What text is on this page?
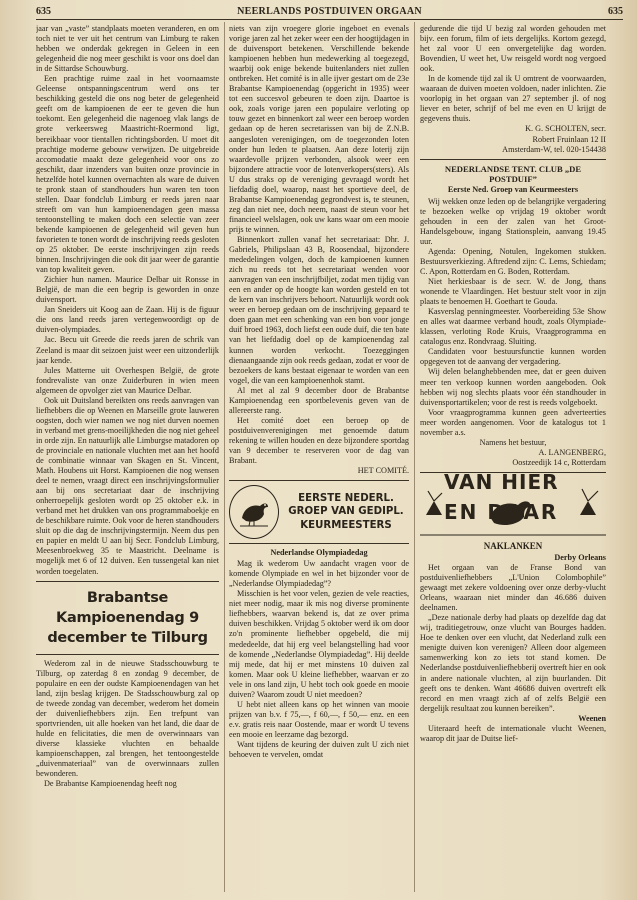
635	NEERLANDS POSTDUIVEN ORGAAN	635

jaar van „vaste” standplaats moeten veranderen, en om toch niet te ver uit het centrum van Limburg te raken hebben we onderdak gekregen in Geleen in een gelegenheid die nog meer geschikt is voor ons doel dan in de Sittardse Schouwburg.

Een prachtige ruime zaal in het voornaamste Geleense ontspanningscentrum werd ons ter beschikking gesteld die ons nog beter de gelegenheid geeft om de kampioenen de eer te geven die hun toekomt. Een gelegenheid die nagenoeg vlak langs de grote verkeersweg Maastricht-Roermond ligt, bereikbaar voor tientallen richtingsborden. U moet dit prachtige moderne gebouw verwijzen. De uitgebreide accomodatie maakt deze gelegenheid voor ons zo geschikt, daar inzenders van buiten onze provincie in hetzelfde hotel kunnen overnachten als ware de duiven te pronk staan of standhouders hun waren ten toon stellen. Daar fondclub Limburg er reeds jaren naar streeft om van hun kampioenendagen geen massa tentoonstelling te maken doch een selectie van zeer bekende kampioenen de gelegenheid wil geven hun favorieten te tonen wordt de inschrijving reeds gesloten op 25 oktober. De eerste inschrijvingen zijn reeds binnen. Inschrijvingen die ook dit jaar weer de garantie van top kwaliteit geven.

Zichier hun namen. Maurice Delbar uit Ronsse in België, de man die een begrip is geworden in onze duivensport.

Jan Sneiders uit Koog aan de Zaan. Hij is de figuur die ons land reeds jaren vertegenwoordigt op de duiven-olympiades.

Jac. Becu uit Greede die reeds jaren de schrik van Zeeland is maar dit seizoen juist weer een uitzonderlijk jaar kende.

Jules Matterne uit Overhespen België, de grote fondrevaliste van onze Zuiderburen in wien meen algemeen de opvolger ziet van Maurice Delbar.

Ook uit Duitsland bereikten ons reeds aanvragen van liefhebbers die op Weenen en Marseille grote lauweren oogsten, doch wier namen we nog niet durven noemen in verband met grens-moeilijkheden die nog niet geheel in orde zijn. En natuurlijk alle Limburgse matadoren op de provinciale en nationale vluchten met aan het hoofd de combinatie winnaar van Skagen en St. Vincent, Math. Houbens uit Horst. Kampioenen die nog wensen deel te nemen, vraagt direct een inschrijvingsformulier aan bij ons secretariaat daar de inschrijving onherroepelijk gesloten wordt op 25 oktober e.k. in verband met het drukken van ons programmaboekje en de beschikbare ruimte. Ook voor de heren standhouders sluit op die dag de inschrijvingstermijn. Neem dus pen en papier en meldt U aan bij Secr. Fondclub Limburg, Meesenbroekweg 35 te Maastricht. Deelname is mogelijk met 6 of 12 duiven. Een tussengetal kan niet worden toegelaten.

Brabantse Kampioenendag 9 december te Tilburg

Wederom zal in de nieuwe Stadsschouwburg te Tilburg, op zaterdag 8 en zondag 9 december, de populaire en een der oudste Kampioenendagen van het land, zijn beslag krijgen. De Stadsschouwburg zal op de tweede zondag van december, wederom het domein der duivenliefhebbers zijn. Een trefpunt van sportvrienden, uit alle hoeken van het land, die daar de hulde en felicitaties, die men de overwinnaars van diverse klassieke vluchten en behaalde kampioenschappen, zal brengen, het tentoongestelde „duivenmateriaal” van de overwinnaars zullen bewonderen.

De Brabantse Kampioenendag heeft nog

niets van zijn vroegere glorie ingeboet en evenals vorige jaren zal het zeker weer een der hoogtijdagen in de duivensport betekenen. Verschillende bekende kampioenen hebben hun medewerking al toegezegd, waarbij ook enige bekende buitenlanders niet zullen ontbreken. Het comité is in alle ijver gestart om de 23e Brabantse Kampioenendag (opgericht in 1935) weer tot een succesvol gebeuren te doen zijn. Daartoe is ook, zoals vorige jaren een populaire verloting op touw gezet en binnenkort zal weer een beroep worden gedaan op de heren secretarissen van bij de Z.N.B. aangesloten verenigingen, om de toegezonden loten onder hun leden te plaatsen. Aan deze loterij zijn waardevolle prijzen verbonden, alsook weer een bijzondere attractie voor de lotenverkopers(sters). Als U dus straks op de vereniging gevraagd wordt het liefdadig doel, waarop, naast het sportieve deel, de Brabantse Kampioenendag gegrondvest is, te steunen, zeg dan niet nee, doch neem, naast de steun voor het financieel welslagen, ook uw kans waar om een mooie prijs te winnen.

Binnenkort zullen vanaf het secretariaat: Dhr. J. Gabriels, Philipslaan 43 B, Roosendaal, bijzondere mededelingen volgen, doch de kampioenen kunnen zich nu reeds tot het secretariaat wenden voor aanvragen van een inschrijfbiljet, zodat men tijdig van een en ander op de hoogte kan worden gesteld en tot de kern van inschrijvers behoort. Natuurlijk wordt ook weer en beroep gedaan om de inschrijving gepaard te doen gaan met een schenking van een bon voor jonge duif broed 1963, doch liefst een oude duif, die ten bate van het liefdadig doel op de kampioenendag zal kunnen worden verkocht. Toezeggingen dienaangaande zijn ook reeds gedaan, zodat er voor de bezoekers de kans bestaat eigenaar te worden van een vogel, die van een kampioenenhok stamt.

Al met al zal 9 december door de Brabantse Kampioenendag een sportbelevenis geven van de allereerste rang.

Het comité doet een beroep op de postduivenverenigingen met genoemde datum rekening te willen houden en deze bijzondere sportdag van 9 december te reserveren voor de dag van Brabant.

HET COMITÉ.

EERSTE NEDERL. GROEP VAN GEDIPL. KEURMEESTERS
Nederlandse Olympiadedag

Mag ik wederom Uw aandacht vragen voor de komende Olympiade en wel in het bijzonder voor de „Nederlandse Olympiadedag”?

Misschien is het voor velen, gezien de vele reacties, niet meer nodig, maar ik mis nog diverse prominente liefhebbers, waarvan bekend is, dat ze over prima duiven beschikken. Vrijdag 5 oktober werd ik om door zo'n prominente liefhebber opgebeld, die mij mededeelde, dat hij erg veel belangstelling had voor de komende „Nederlandse Olympiadedag”. Hij deelde mij mede, dat hij er met minstens 10 duiven zal komen. Maar ook U kleine liefhebber, waarvan er zo vele in ons land zijn, U hebt toch ook goede en mooie duiven? Waarom zoudt U niet meedoen?

U hebt niet alleen kans op het winnen van mooie prijzen van b.v. f 75,—, f 60,—, f 50,— enz. en een e.v. gratis reis naar Oostende, maar er wordt U tevens een mooie en leerzame dag bezorgd.

Want tijdens de keuring der duiven zult U zich niet behoeven te vervelen, omdat

gedurende die tijd U bezig zal worden gehouden met bijv. een forum, film of iets dergelijks. Kortom gezegd, het zal voor U een onvergetelijke dag worden. Bovendien, U weet het, Uw reisgeld wordt nog vergoed ook.

In de komende tijd zal ik U omtrent de voorwaarden, waaraan de duiven moeten voldoen, nader inlichten. Zie voorlopig in het orgaan van 27 september jl. of nog liever en beter, schrijf of bel me even en U krijgt de gegevens thuis.

K. G. SCHOLTEN, secr.

Robert Fruinlaan 12 II

Amsterdam-W, tel. 020-154438

NEDERLANDSE TENT. CLUB „DE POSTDUIF”
Eerste Ned. Groep van Keurmeesters

Wij wekken onze leden op de belangrijke vergadering te bezoeken welke op vrijdag 19 oktober wordt gehouden in een der zalen van het Groot-Handelsgebouw, ingang Stationsplein, aanvang 19.45 uur.

Agenda: Opening, Notulen, Ingekomen stukken. Bestuursverkiezing. Aftredend zijn: C. Lems, Schiedam; C. Apon, Rotterdam en G. Boden, Rotterdam.

Niet herkiesbaar is de secr. W. de Jong, thans wonende te Vlaardingen. Het bestuur stelt voor in zijn plaats te benoemen H. Goethart te Gouda.

Kasverslag penningmeester. Voorbereiding 53e Show en alles wat daarmee verband houdt, zoals Olympiade-klassen, verloting Rode Kruis, Vraagprogramma en catalogus enz. Rondvraag. Sluiting.

Candidaten voor bestuursfunctie kunnen worden opgegeven tot de aanvang der vergadering.

Wij delen belanghebbenden mee, dat er geen duiven meer ten verkoop kunnen worden aangeboden. Ook hebben wij nog slechts plaats voor één standhouder in duivensportartikelen; voor de rest is reeds volgeboekt.

Voor vraagprogramma kunnen geen adverteerties meer worden aangenomen. Voor de katalogus tot 1 november a.s.

Namens het bestuur,

A. LANGENBERG,

Oostzeedijk 14 c, Rotterdam

VAN HIER
EN DAAR
NAKLANKEN

Derby Orleans

Het orgaan van de Franse Bond van postduivenliefhebbers „L'Union Colombophile” gewaagt met zekere voldoening over onze derby-vlucht Orleans, waaraan niet minder dan 46.686 duiven deelnamen.

„Deze nationale derby had plaats op dezelfde dag dat wij, traditiegetrouw, onze vlucht van Bourges hadden. Hoe te denken over een vlucht, dat Nederland zulk een menigte duiven kon verenigen? Alleen door algemeen samenwerking kon zo iets tot stand komen. De Nederlandse postduivenliefhebberij overtreft hier en ook in andere nationale vluchten, al zijn buurlanden. Dit geeft ons te denken. Want 46686 duiven overtreft elk record en men vraagt zich af of zelfs België een dergelijk resultaat zou kunnen bereiken”.

Weenen

Uiteraard heeft de internationale vlucht Weenen, waarop dit jaar de Duitse lief-
